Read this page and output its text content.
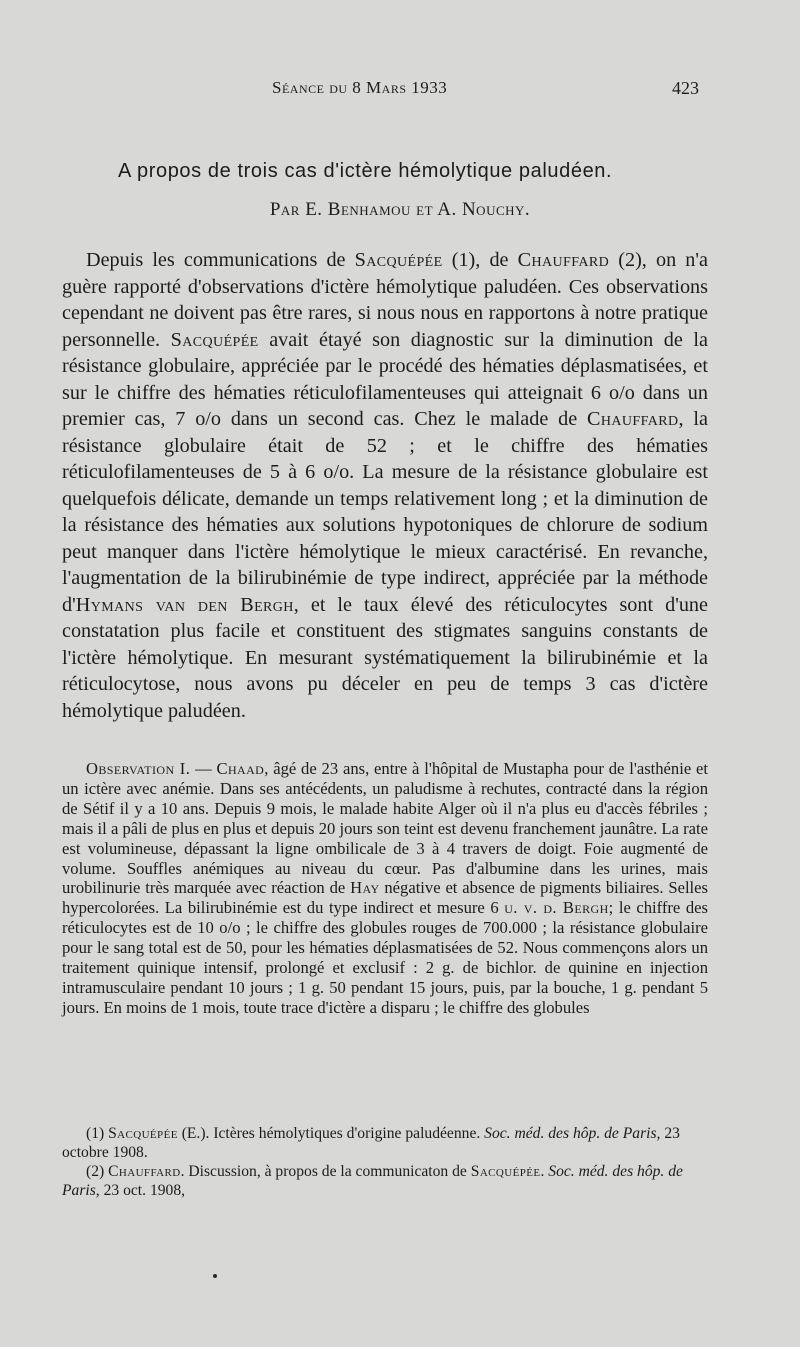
Séance du 8 Mars 1933	423
A propos de trois cas d'ictère hémolytique paludéen.
Par E. Benhamou et A. Nouchy.

Depuis les communications de Sacquépée (1), de Chauffard (2), on n'a guère rapporté d'observations d'ictère hémolytique paludéen. Ces observations cependant ne doivent pas être rares, si nous nous en rapportons à notre pratique personnelle. Sacquépée avait étayé son diagnostic sur la diminution de la résistance globulaire, appréciée par le procédé des hématies déplasmatisées, et sur le chiffre des hématies réticulofilamenteuses qui atteignait 6 o/o dans un premier cas, 7 o/o dans un second cas. Chez le malade de Chauffard, la résistance globulaire était de 52 ; et le chiffre des hématies réticulofilamenteuses de 5 à 6 o/o. La mesure de la résistance globulaire est quelquefois délicate, demande un temps relativement long ; et la diminution de la résistance des hématies aux solutions hypotoniques de chlorure de sodium peut manquer dans l'ictère hémolytique le mieux caractérisé. En revanche, l'augmentation de la bilirubinémie de type indirect, appréciée par la méthode d'Hymans van den Bergh, et le taux élevé des réticulocytes sont d'une constatation plus facile et constituent des stigmates sanguins constants de l'ictère hémolytique. En mesurant systématiquement la bilirubinémie et la réticulocytose, nous avons pu déceler en peu de temps 3 cas d'ictère hémolytique paludéen.

Observation I. — Chaad, âgé de 23 ans, entre à l'hôpital de Mustapha pour de l'asthénie et un ictère avec anémie. Dans ses antécédents, un paludisme à rechutes, contracté dans la région de Sétif il y a 10 ans. Depuis 9 mois, le malade habite Alger où il n'a plus eu d'accès fébriles ; mais il a pâli de plus en plus et depuis 20 jours son teint est devenu franchement jaunâtre. La rate est volumineuse, dépassant la ligne ombilicale de 3 à 4 travers de doigt. Foie augmenté de volume. Souffles anémiques au niveau du cœur. Pas d'albumine dans les urines, mais urobilinurie très marquée avec réaction de Hay négative et absence de pigments biliaires. Selles hypercolorées. La bilirubinémie est du type indirect et mesure 6 u. v. d. Bergh; le chiffre des réticulocytes est de 10 o/o ; le chiffre des globules rouges de 700.000 ; la résistance globulaire pour le sang total est de 50, pour les hématies déplasmatisées de 52. Nous commençons alors un traitement quinique intensif, prolongé et exclusif : 2 g. de bichlor. de quinine en injection intramusculaire pendant 10 jours ; 1 g. 50 pendant 15 jours, puis, par la bouche, 1 g. pendant 5 jours. En moins de 1 mois, toute trace d'ictère a disparu ; le chiffre des globules

(1) Sacquépée (E.). Ictères hémolytiques d'origine paludéenne. Soc. méd. des hôp. de Paris, 23 octobre 1908.

(2) Chauffard. Discussion, à propos de la communicaton de Sacquépée. Soc. méd. des hôp. de Paris, 23 oct. 1908,
